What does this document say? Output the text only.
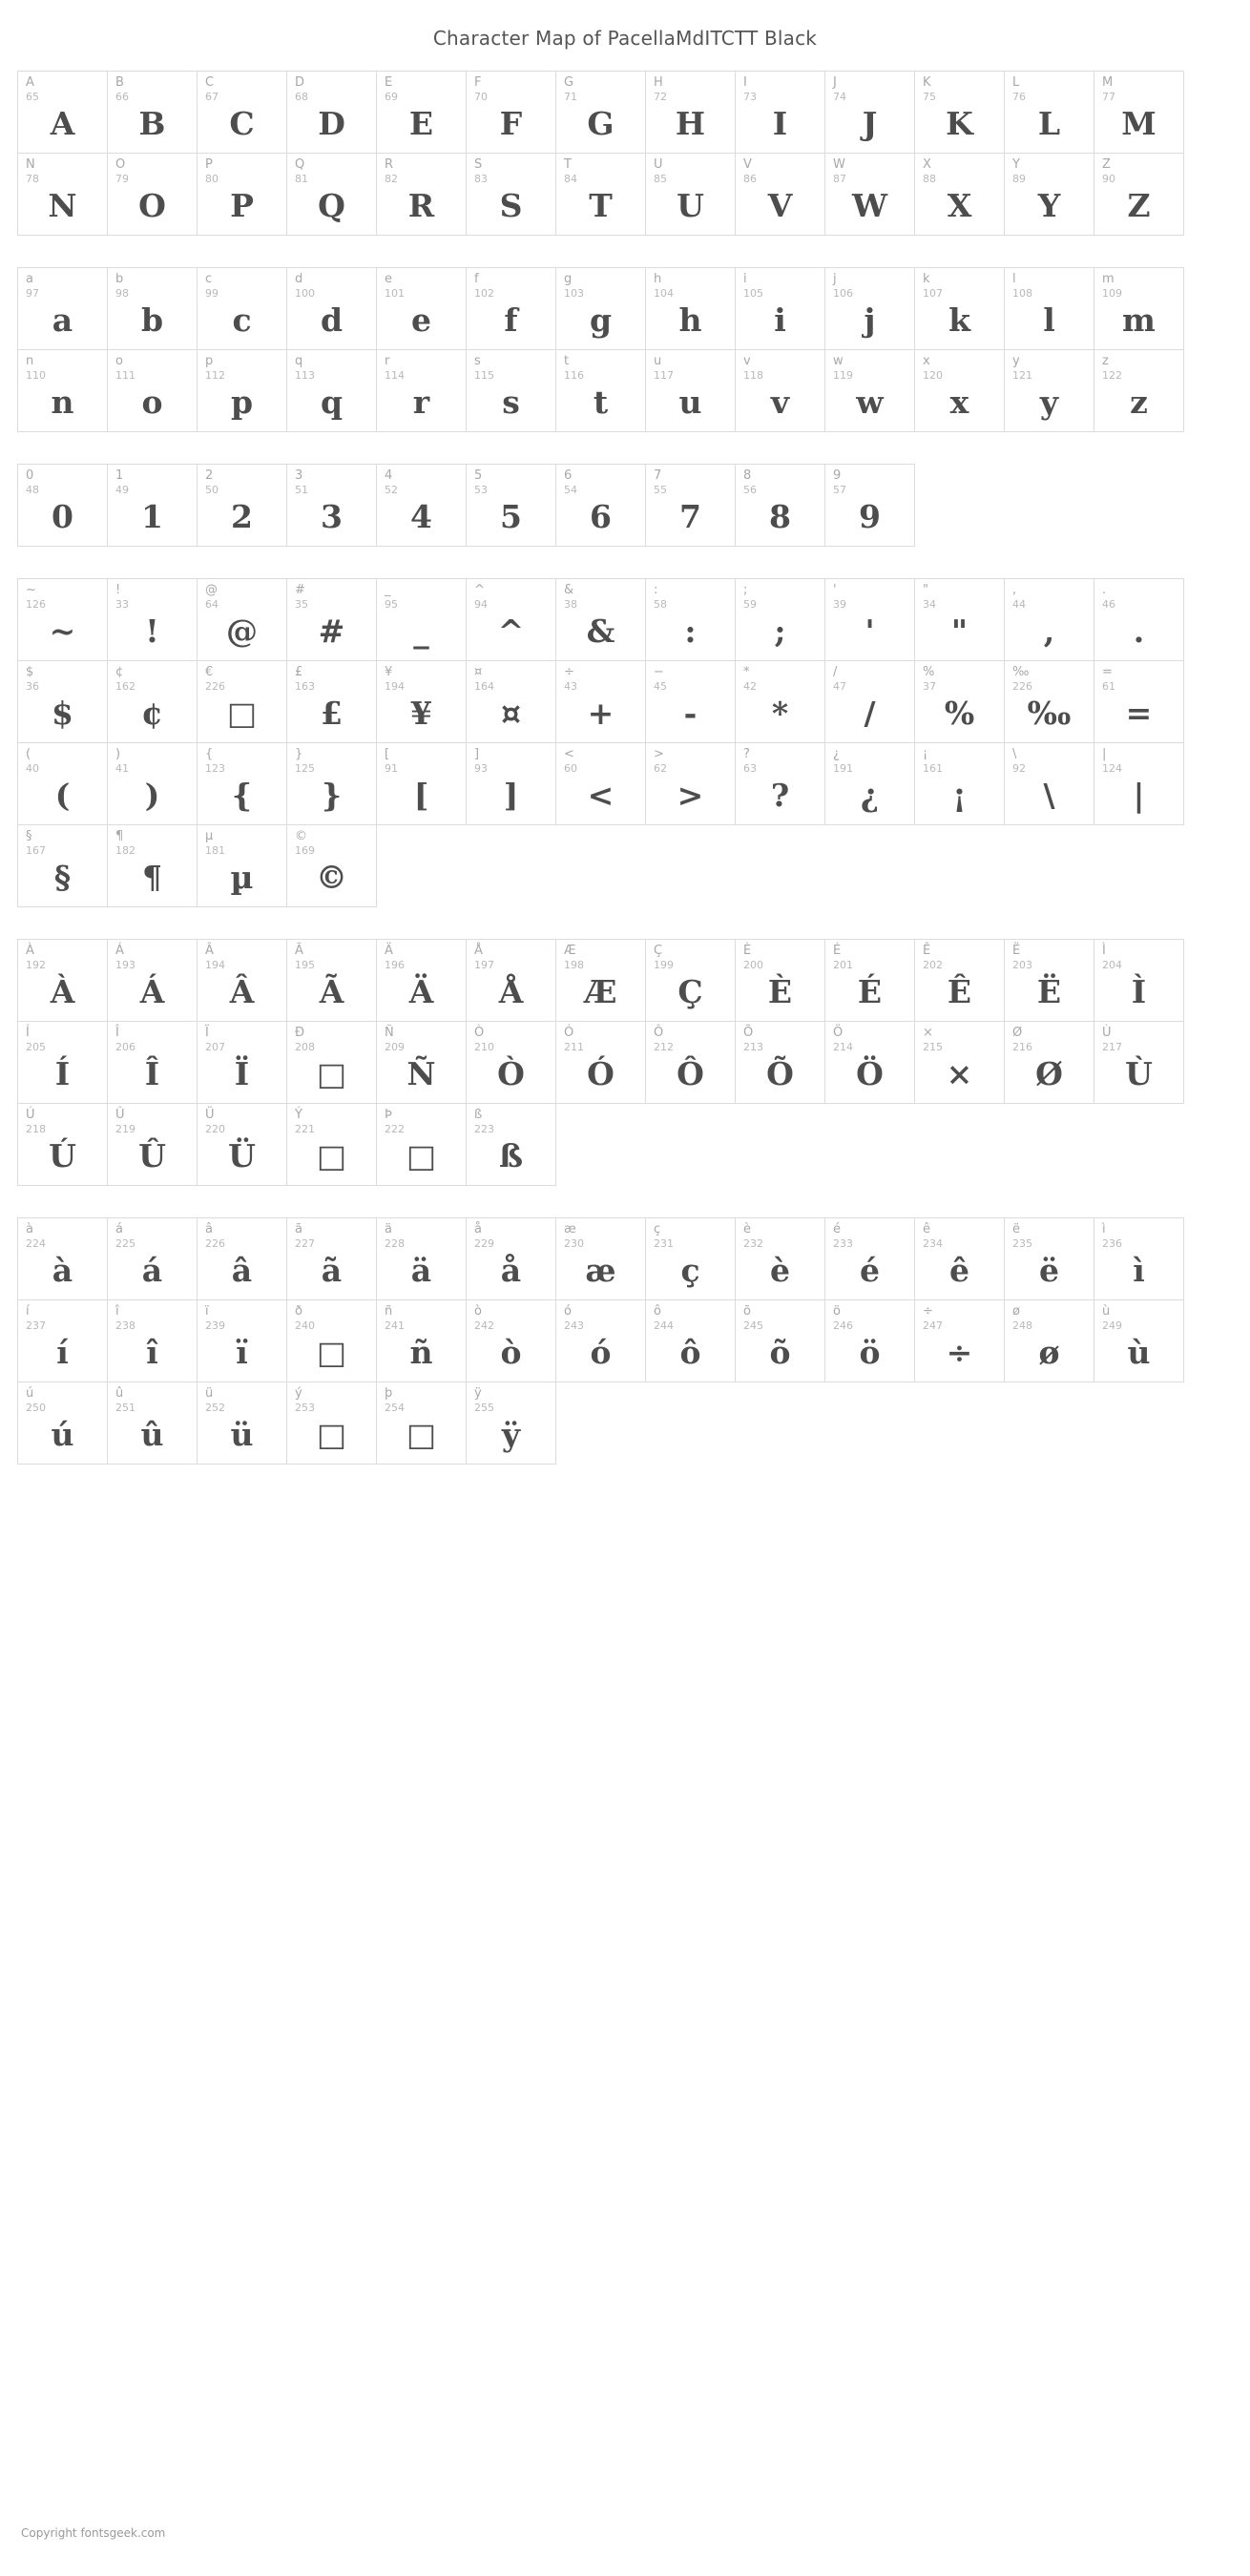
Character Map of PacellaMdITCTT Black
A
65
A
B
66
B
C
67
C
D
68
D
E
69
E
F
70
F
G
71
G
H
72
H
I
73
I
J
74
J
K
75
K
L
76
L
M
77
M
N
78
N
O
79
O
P
80
P
Q
81
Q
R
82
R
S
83
S
T
84
T
U
85
U
V
86
V
W
87
W
X
88
X
Y
89
Y
Z
90
Z
a
97
a
b
98
b
c
99
c
d
100
d
e
101
e
f
102
f
g
103
g
h
104
h
i
105
i
j
106
j
k
107
k
l
108
l
m
109
m
n
110
n
o
111
o
p
112
p
q
113
q
r
114
r
s
115
s
t
116
t
u
117
u
v
118
v
w
119
w
x
120
x
y
121
y
z
122
z
0
48
0
1
49
1
2
50
2
3
51
3
4
52
4
5
53
5
6
54
6
7
55
7
8
56
8
9
57
9
~
126
~
!
33
!
@
64
@
#
35
#
_
95
_
^
94
^
&
38
&
:
58
:
;
59
;
'
39
'
"
34
"
,
44
,
.
46
.
$
36
$
¢
162
¢
€
226
□
£
163
£
¥
194
¥
¤
164
¤
÷
43
+
−
45
-
*
42
*
/
47
/
%
37
%
‰
226
‰
=
61
=
(
40
(
)
41
)
{
123
{
}
125
}
[
91
[
]
93
]
<
60
<
>
62
>
?
63
?
¿
191
¿
¡
161
¡
\
92
\
|
124
|
§
167
§
¶
182
¶
µ
181
µ
©
169
©
À
192
À
Á
193
Á
Â
194
Â
Ã
195
Ã
Ä
196
Ä
Å
197
Å
Æ
198
Æ
Ç
199
Ç
È
200
È
É
201
É
Ê
202
Ê
Ë
203
Ë
Ì
204
Ì
Í
205
Í
Î
206
Î
Ï
207
Ï
Ð
208
□
Ñ
209
Ñ
Ò
210
Ò
Ó
211
Ó
Ô
212
Ô
Õ
213
Õ
Ö
214
Ö
×
215
×
Ø
216
Ø
Ù
217
Ù
Ú
218
Ú
Û
219
Û
Ü
220
Ü
Ý
221
□
Þ
222
□
ß
223
ß
à
224
à
á
225
á
â
226
â
ã
227
ã
ä
228
ä
å
229
å
æ
230
æ
ç
231
ç
è
232
è
é
233
é
ê
234
ê
ë
235
ë
ì
236
ì
í
237
í
î
238
î
ï
239
ï
ð
240
□
ñ
241
ñ
ò
242
ò
ó
243
ó
ô
244
ô
õ
245
õ
ö
246
ö
÷
247
÷
ø
248
ø
ù
249
ù
ú
250
ú
û
251
û
ü
252
ü
ý
253
□
þ
254
□
ÿ
255
ÿ
Copyright fontsgeek.com
